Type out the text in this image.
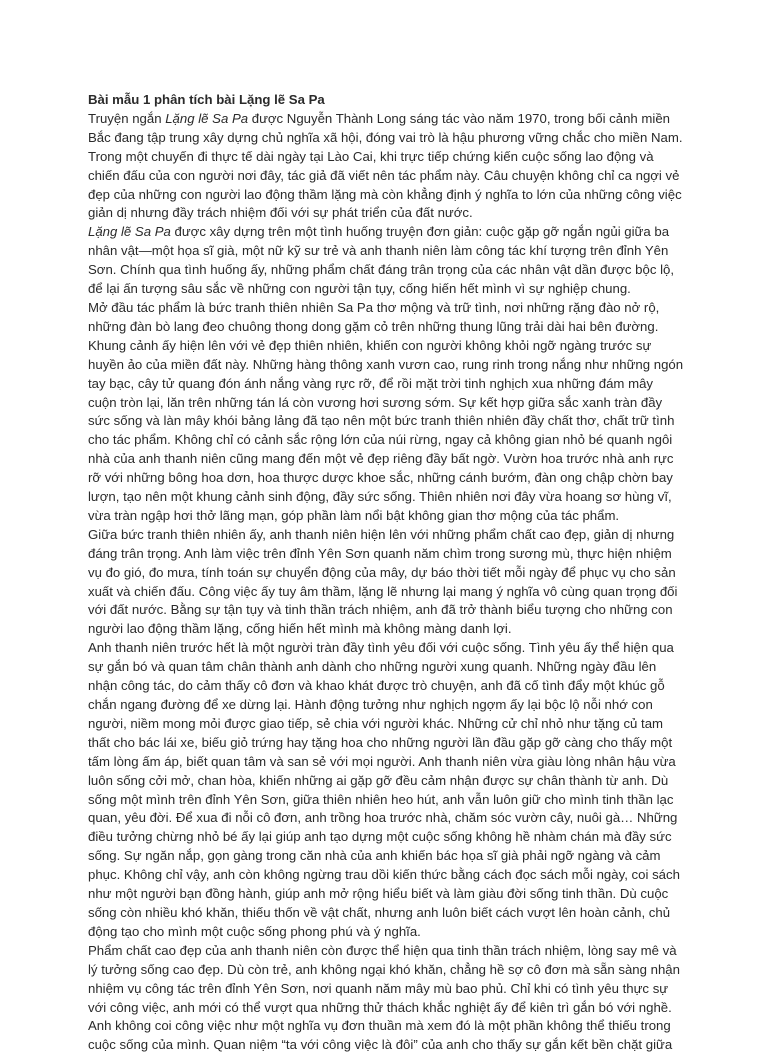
Bài mẫu 1 phân tích bài Lặng lẽ Sa Pa

Truyện ngắn Lặng lẽ Sa Pa được Nguyễn Thành Long sáng tác vào năm 1970, trong bối cảnh miền Bắc đang tập trung xây dựng chủ nghĩa xã hội, đóng vai trò là hậu phương vững chắc cho miền Nam. Trong một chuyến đi thực tế dài ngày tại Lào Cai, khi trực tiếp chứng kiến cuộc sống lao động và chiến đấu của con người nơi đây, tác giả đã viết nên tác phẩm này. Câu chuyện không chỉ ca ngợi vẻ đẹp của những con người lao động thầm lặng mà còn khẳng định ý nghĩa to lớn của những công việc giản dị nhưng đầy trách nhiệm đối với sự phát triển của đất nước.

Lặng lẽ Sa Pa được xây dựng trên một tình huống truyện đơn giản: cuộc gặp gỡ ngắn ngủi giữa ba nhân vật—một họa sĩ già, một nữ kỹ sư trẻ và anh thanh niên làm công tác khí tượng trên đỉnh Yên Sơn. Chính qua tình huống ấy, những phẩm chất đáng trân trọng của các nhân vật dần được bộc lộ, để lại ấn tượng sâu sắc về những con người tận tụy, cống hiến hết mình vì sự nghiệp chung.

Mở đầu tác phẩm là bức tranh thiên nhiên Sa Pa thơ mộng và trữ tình, nơi những rặng đào nở rộ, những đàn bò lang đeo chuông thong dong gặm cỏ trên những thung lũng trải dài hai bên đường. Khung cảnh ấy hiện lên với vẻ đẹp thiên nhiên, khiến con người không khỏi ngỡ ngàng trước sự huyền ảo của miền đất này. Những hàng thông xanh vươn cao, rung rinh trong nắng như những ngón tay bạc, cây tử quang đón ánh nắng vàng rực rỡ, để rồi mặt trời tinh nghịch xua những đám mây cuộn tròn lại, lăn trên những tán lá còn vương hơi sương sớm. Sự kết hợp giữa sắc xanh tràn đầy sức sống và làn mây khói bảng lảng đã tạo nên một bức tranh thiên nhiên đầy chất thơ, chất trữ tình cho tác phẩm. Không chỉ có cảnh sắc rộng lớn của núi rừng, ngay cả không gian nhỏ bé quanh ngôi nhà của anh thanh niên cũng mang đến một vẻ đẹp riêng đầy bất ngờ. Vườn hoa trước nhà anh rực rỡ với những bông hoa dơn, hoa thược dược khoe sắc, những cánh bướm, đàn ong chập chờn bay lượn, tạo nên một khung cảnh sinh động, đầy sức sống. Thiên nhiên nơi đây vừa hoang sơ hùng vĩ, vừa tràn ngập hơi thở lãng mạn, góp phần làm nổi bật không gian thơ mộng của tác phẩm.

Giữa bức tranh thiên nhiên ấy, anh thanh niên hiện lên với những phẩm chất cao đẹp, giản dị nhưng đáng trân trọng. Anh làm việc trên đỉnh Yên Sơn quanh năm chìm trong sương mù, thực hiện nhiệm vụ đo gió, đo mưa, tính toán sự chuyển động của mây, dự báo thời tiết mỗi ngày để phục vụ cho sản xuất và chiến đấu. Công việc ấy tuy âm thầm, lặng lẽ nhưng lại mang ý nghĩa vô cùng quan trọng đối với đất nước. Bằng sự tận tụy và tinh thần trách nhiệm, anh đã trở thành biểu tượng cho những con người lao động thầm lặng, cống hiến hết mình mà không màng danh lợi.

Anh thanh niên trước hết là một người tràn đầy tình yêu đối với cuộc sống. Tình yêu ấy thể hiện qua sự gắn bó và quan tâm chân thành anh dành cho những người xung quanh. Những ngày đầu lên nhận công tác, do cảm thấy cô đơn và khao khát được trò chuyện, anh đã cố tình đẩy một khúc gỗ chắn ngang đường để xe dừng lại. Hành động tưởng như nghịch ngợm ấy lại bộc lộ nỗi nhớ con người, niềm mong mỏi được giao tiếp, sẻ chia với người khác. Những cử chỉ nhỏ như tặng củ tam thất cho bác lái xe, biếu giỏ trứng hay tặng hoa cho những người lần đầu gặp gỡ càng cho thấy một tấm lòng ấm áp, biết quan tâm và san sẻ với mọi người. Anh thanh niên vừa giàu lòng nhân hậu vừa luôn sống cởi mở, chan hòa, khiến những ai gặp gỡ đều cảm nhận được sự chân thành từ anh. Dù sống một mình trên đỉnh Yên Sơn, giữa thiên nhiên heo hút, anh vẫn luôn giữ cho mình tinh thần lạc quan, yêu đời. Để xua đi nỗi cô đơn, anh trồng hoa trước nhà, chăm sóc vườn cây, nuôi gà… Những điều tưởng chừng nhỏ bé ấy lại giúp anh tạo dựng một cuộc sống không hề nhàm chán mà đầy sức sống. Sự ngăn nắp, gọn gàng trong căn nhà của anh khiến bác họa sĩ già phải ngỡ ngàng và cảm phục. Không chỉ vậy, anh còn không ngừng trau dồi kiến thức bằng cách đọc sách mỗi ngày, coi sách như một người bạn đồng hành, giúp anh mở rộng hiểu biết và làm giàu đời sống tinh thần. Dù cuộc sống còn nhiều khó khăn, thiếu thốn về vật chất, nhưng anh luôn biết cách vượt lên hoàn cảnh, chủ động tạo cho mình một cuộc sống phong phú và ý nghĩa.

Phẩm chất cao đẹp của anh thanh niên còn được thể hiện qua tinh thần trách nhiệm, lòng say mê và lý tưởng sống cao đẹp. Dù còn trẻ, anh không ngại khó khăn, chẳng hề sợ cô đơn mà sẵn sàng nhận nhiệm vụ công tác trên đỉnh Yên Sơn, nơi quanh năm mây mù bao phủ. Chỉ khi có tình yêu thực sự với công việc, anh mới có thể vượt qua những thử thách khắc nghiệt ấy để kiên trì gắn bó với nghề. Anh không coi công việc như một nghĩa vụ đơn thuần mà xem đó là một phần không thể thiếu trong cuộc sống của mình. Quan niệm “ta với công việc là đôi” của anh cho thấy sự gắn kết bền chặt giữa
